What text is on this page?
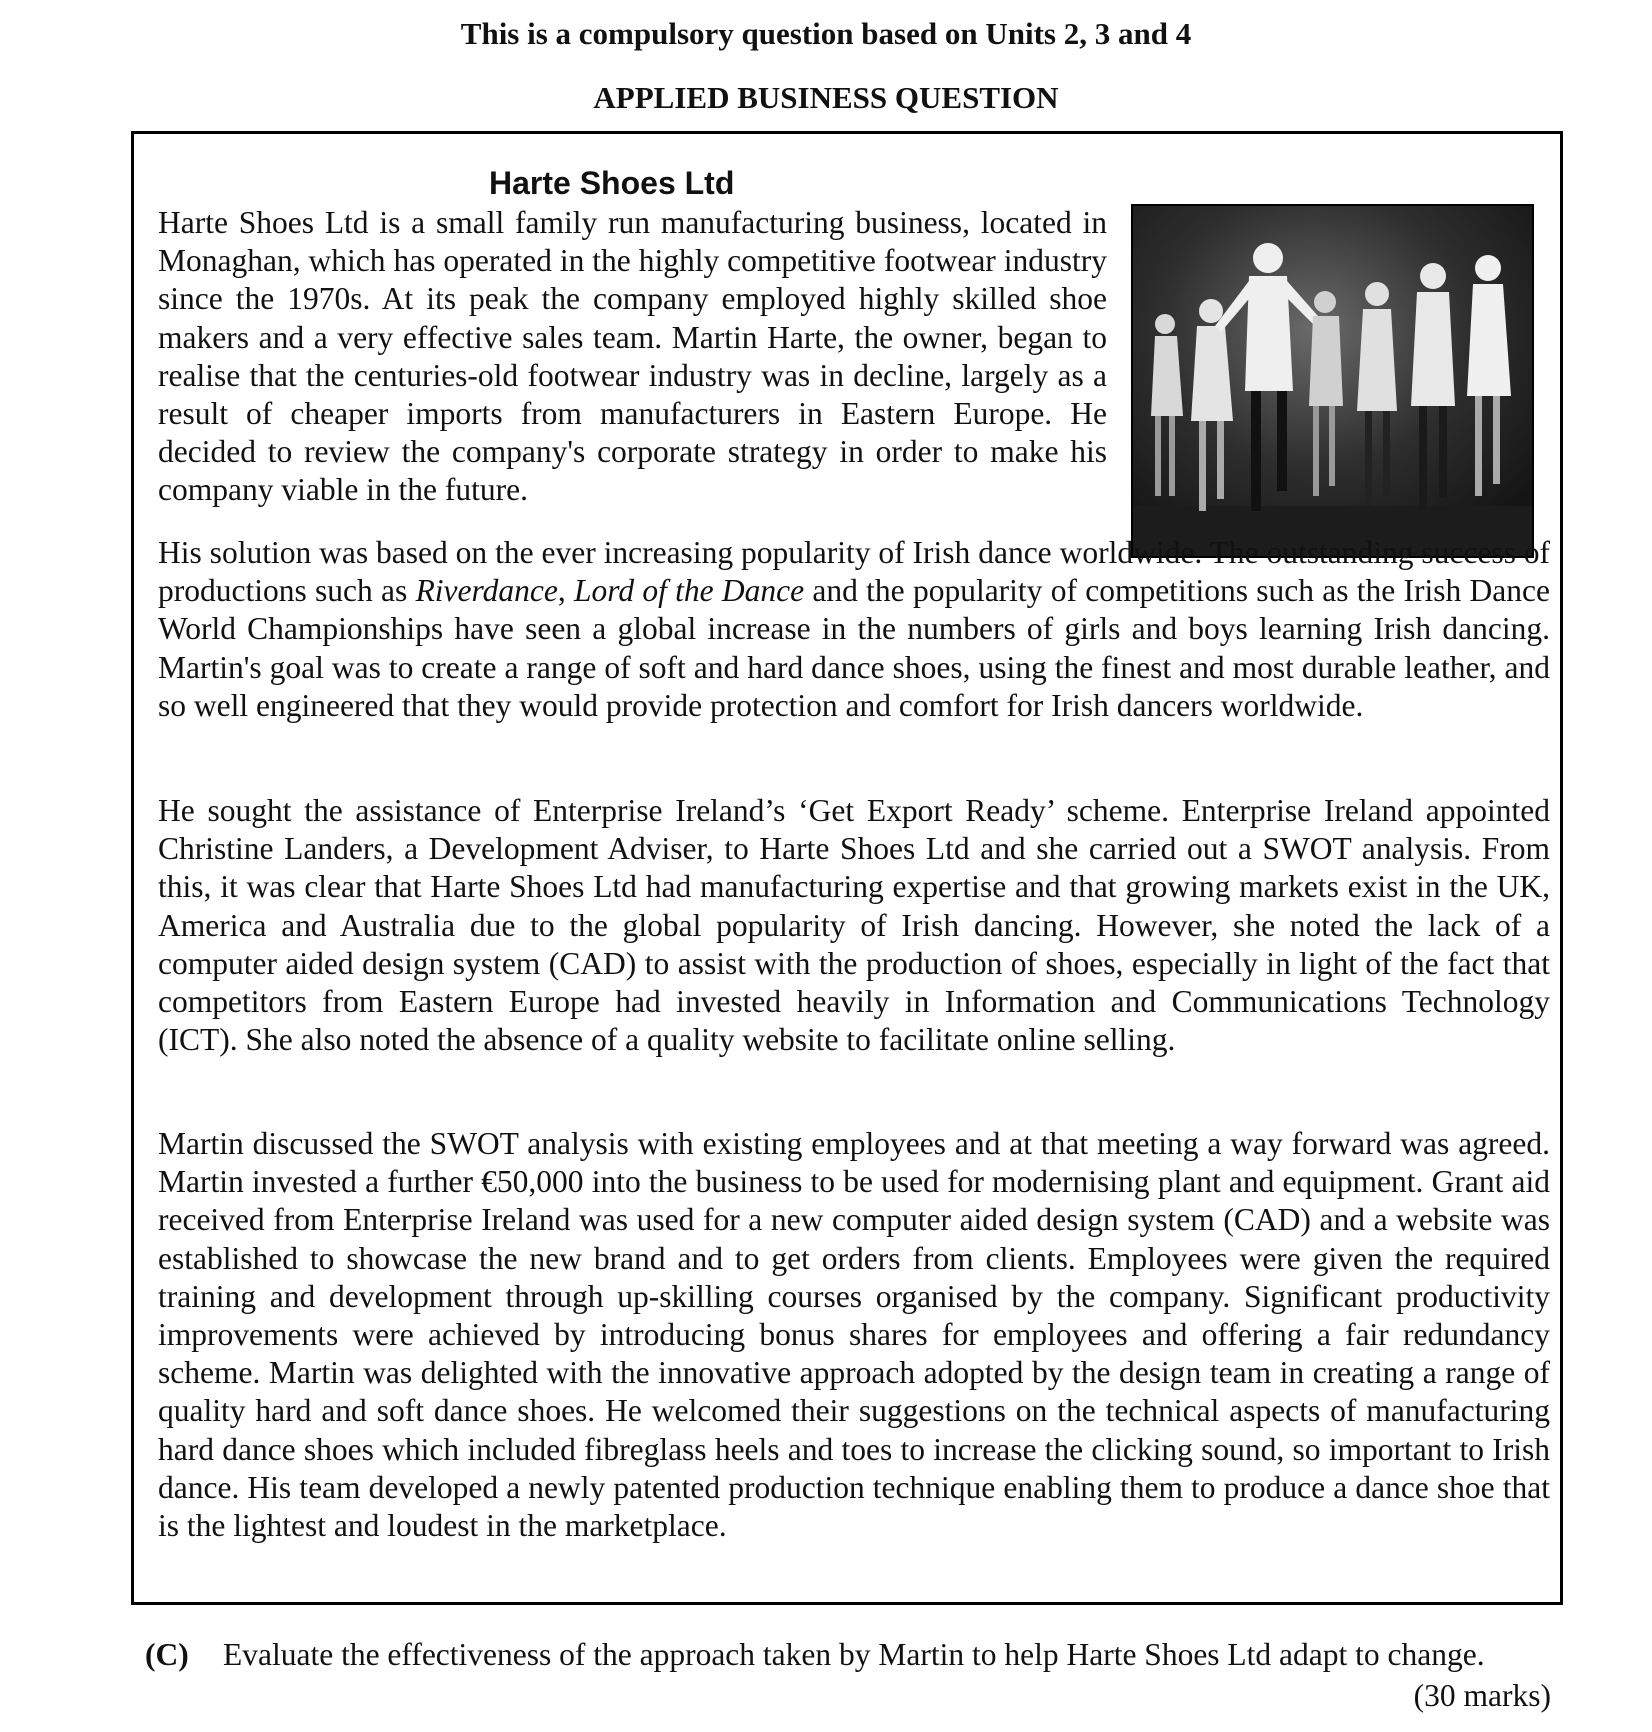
This is a compulsory question based on Units 2, 3 and 4
APPLIED BUSINESS QUESTION
Harte Shoes Ltd

Harte Shoes Ltd is a small family run manufacturing business, located in Monaghan, which has operated in the highly competitive footwear industry since the 1970s. At its peak the company employed highly skilled shoe makers and a very effective sales team. Martin Harte, the owner, began to realise that the centuries-old footwear industry was in decline, largely as a result of cheaper imports from manufacturers in Eastern Europe. He decided to review the company's corporate strategy in order to make his company viable in the future.

His solution was based on the ever increasing popularity of Irish dance worldwide. The outstanding success of productions such as Riverdance, Lord of the Dance and the popularity of competitions such as the Irish Dance World Championships have seen a global increase in the numbers of girls and boys learning Irish dancing. Martin's goal was to create a range of soft and hard dance shoes, using the finest and most durable leather, and so well engineered that they would provide protection and comfort for Irish dancers worldwide.

He sought the assistance of Enterprise Ireland’s ‘Get Export Ready’ scheme. Enterprise Ireland appointed Christine Landers, a Development Adviser, to Harte Shoes Ltd and she carried out a SWOT analysis. From this, it was clear that Harte Shoes Ltd had manufacturing expertise and that growing markets exist in the UK, America and Australia due to the global popularity of Irish dancing. However, she noted the lack of a computer aided design system (CAD) to assist with the production of shoes, especially in light of the fact that competitors from Eastern Europe had invested heavily in Information and Communications Technology (ICT). She also noted the absence of a quality website to facilitate online selling.

Martin discussed the SWOT analysis with existing employees and at that meeting a way forward was agreed. Martin invested a further €50,000 into the business to be used for modernising plant and equipment. Grant aid received from Enterprise Ireland was used for a new computer aided design system (CAD) and a website was established to showcase the new brand and to get orders from clients. Employees were given the required training and development through up-skilling courses organised by the company. Significant productivity improvements were achieved by introducing bonus shares for employees and offering a fair redundancy scheme. Martin was delighted with the innovative approach adopted by the design team in creating a range of quality hard and soft dance shoes. He welcomed their suggestions on the technical aspects of manufacturing hard dance shoes which included fibreglass heels and toes to increase the clicking sound, so important to Irish dance. His team developed a newly patented production technique enabling them to produce a dance shoe that is the lightest and loudest in the marketplace.

(C) Evaluate the effectiveness of the approach taken by Martin to help Harte Shoes Ltd adapt to change.
(30 marks)
